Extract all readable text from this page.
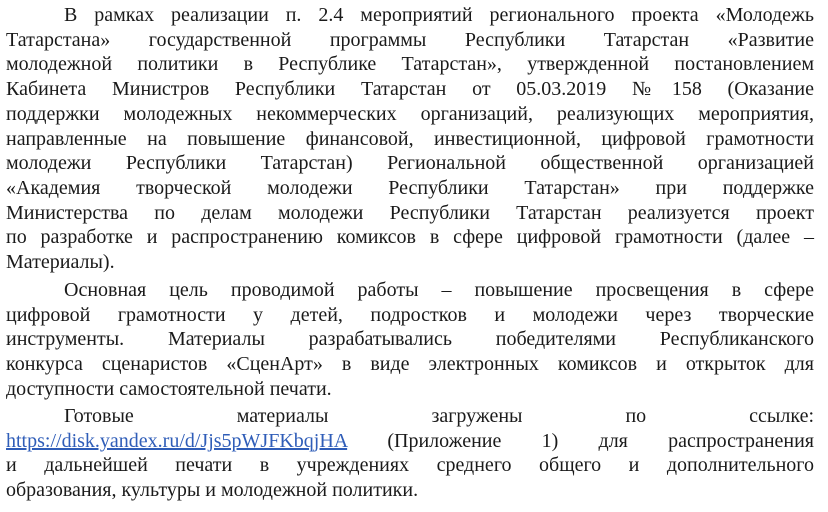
В рамках реализации п. 2.4 мероприятий регионального проекта «Молодежь
Татарстана» государственной программы Республики Татарстан «Развитие
молодежной политики в Республике Татарстан», утвержденной постановлением
Кабинета Министров Республики Татарстан от 05.03.2019 №158 (Оказание
поддержки молодежных некоммерческих организаций, реализующих мероприятия,
направленные на повышение финансовой, инвестиционной, цифровой грамотности
молодежи Республики Татарстан) Региональной общественной организацией
«Академия творческой молодежи Республики Татарстан» при поддержке
Министерства по делам молодежи Республики Татарстан реализуется проект
по разработке и распространению комиксов в сфере цифровой грамотности (далее –
Материалы).
Основная цель проводимой работы – повышение просвещения в сфере
цифровой грамотности у детей, подростков и молодежи через творческие
инструменты. Материалы разрабатывались победителями Республиканского
конкурса сценаристов «СценАрт» в виде электронных комиксов и открыток для
доступности самостоятельной печати.
Готовые материалы загружены по ссылке:
https://disk.yandex.ru/d/Jjs5pWJFKbqjHA (Приложение 1) для распространения
и дальнейшей печати в учреждениях среднего общего и дополнительного
образования, культуры и молодежной политики.
